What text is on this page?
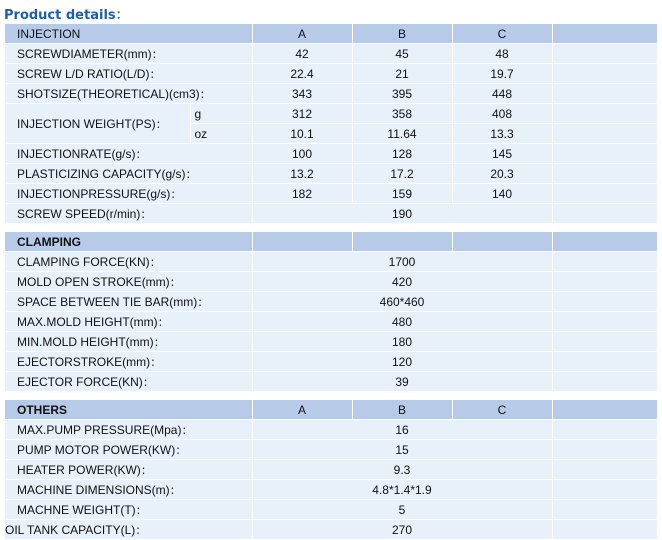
Product details：
INJECTION		A	B	C	
SCREWDIAMETER(mm)：		42	45	48	
SCREW L/D RATIO(L/D)：		22.4	21	19.7	
SHOTSIZE(THEORETICAL)(cm3)：		343	395	448	
INJECTION WEIGHT(PS)：	g	312	358	408	
	oz	10.1	11.64	13.3	
INJECTIONRATE(g/s)：		100	128	145	
PLASTICIZING CAPACITY(g/s)：		13.2	17.2	20.3	
INJECTIONPRESSURE(g/s)：		182	159	140	
SCREW SPEED(r/min)：		190			

CLAMPING					
CLAMPING FORCE(KN)：		1700			
MOLD OPEN STROKE(mm)：		420			
SPACE BETWEEN TIE BAR(mm)：		460*460			
MAX.MOLD HEIGHT(mm)：		480			
MIN.MOLD HEIGHT(mm)：		180			
EJECTORSTROKE(mm)：		120			
EJECTOR FORCE(KN)：		39			

OTHERS		A	B	C	
MAX.PUMP PRESSURE(Mpa)：		16			
PUMP MOTOR POWER(KW)：		15			
HEATER POWER(KW)：		9.3			
MACHINE DIMENSIONS(m)：		4.8*1.4*1.9			
MACHNE WEIGHT(T)：		5			
OIL TANK CAPACITY(L)：		270			
